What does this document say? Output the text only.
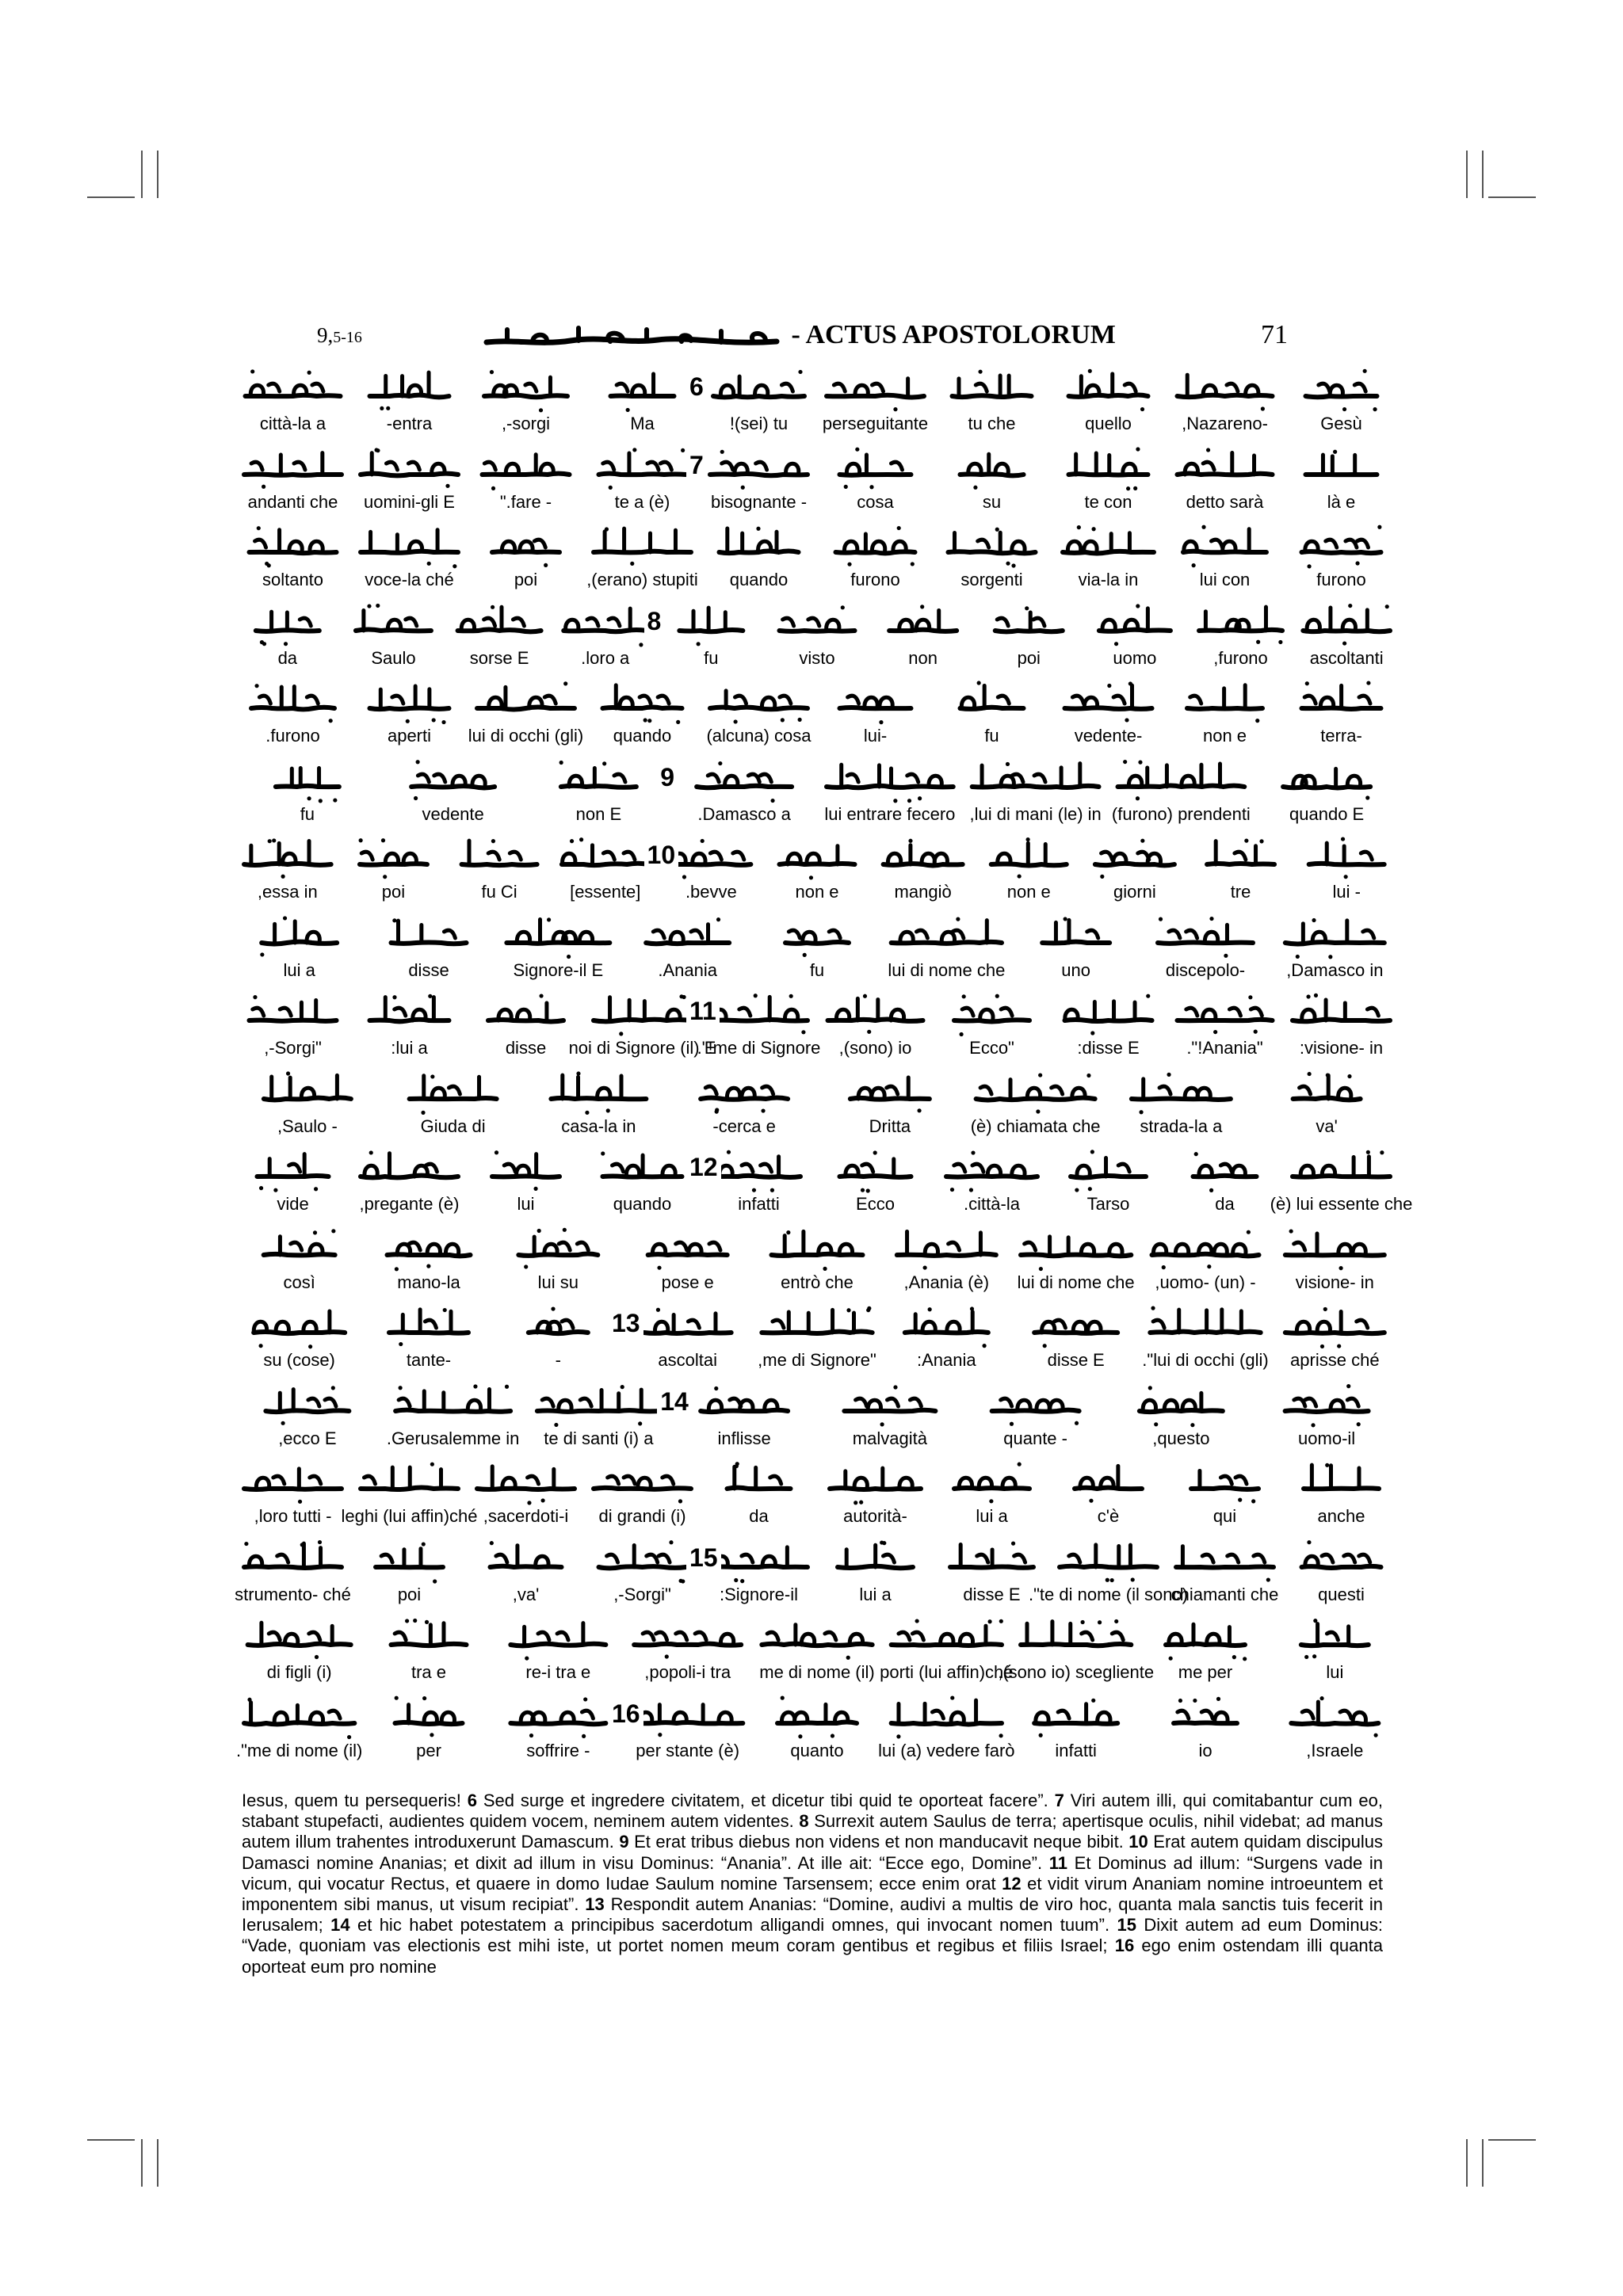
9,5-16	- ACTUS APOSTOLORUM	71
6
città-la a	-entra	,-sorgi	Ma	!(sei) tu perseguitante tu che	quello	,Nazareno-	Gesù
7
andanti che uomini-gli E	".fare -	te a (è) bisognante -	cosa	su	te con	detto sarà	là e
soltanto voce-la ché	poi	,(erano) stupiti quando	furono	sorgenti	via-la in	lui con	furono
8
da	Saulo	sorse E	.loro a	fu	visto	non	poi	uomo	,furono ascoltanti
.furono	aperti lui di occhi (gli) quando (alcuna) cosa	lui-	fu	vedente-	non e	terra-
9
fu	vedente	non E	.Damasco a lui entrare fecero ,lui di mani (le) in (furono) prendenti quando E
10
,essa in	poi	fu Ci	[essente]	.bevve	non e	mangiò	non e	giorni	tre	lui -
lui a	disse	Signore-il E	.Anania	fu	lui di nome che	uno	discepolo- ,Damasco in
11
,-Sorgi"	:lui a	disse noi di Signore (il) E
."!me di Signore ,(sono) io	Ecco"	:disse E	."!Anania" :visione- in
,Saulo -	Giuda di	casa-la in	-cerca e	Dritta	(è) chiamata che strada-la a	va'
12
vide	,pregante (è)	lui	quando	infatti	Ecco	.città-la	Tarso	da (è) lui essente che
così	mano-la	lui su	pose e	entrò che	,Anania (è) lui di nome che ,uomo- (un) - visione- in
13
su (cose)	tante-	-	ascoltai ,me di Signore" :Anania	disse E ."lui di occhi (gli) aprisse ché
14
,ecco E	.Gerusalemme in te di santi (i) a	inflisse	malvagità	quante -	,questo	uomo-il
,loro tutti - leghi (lui affin)ché ,sacerdoti-i di grandi (i)	da	autorità-	lui a	c'è	qui	anche
15
strumento- ché	poi	,va'	,-Sorgi"	:Signore-il	lui a	disse E ."te di nome (il sono)
chiamanti che questi
di figli (i)	tra e	re-i tra e	,popoli-i tra me di nome (il) porti (lui affin)ché
,(sono io) scegliente me per	lui
16
."me di nome (il)	per	soffrire -	per stante (è)	quanto lui (a) vedere farò infatti	io	,Israele
Iesus, quem tu persequeris! 6 Sed surge et ingredere civitatem, et dicetur tibi quid te oporteat facere”. 7 Viri autem illi, qui comitabantur cum eo, stabant stupefacti, audientes quidem vocem, neminem autem videntes. 8 Surrexit autem Saulus de terra; apertisque oculis, nihil videbat; ad manus autem illum trahentes introduxerunt Damascum. 9 Et erat tribus diebus non videns et non manducavit neque bibit. 10 Erat autem quidam discipulus Damasci nomine Ananias; et dixit ad illum in visu Dominus: “Anania”. At ille ait: “Ecce ego, Domine”. 11 Et Dominus ad illum: “Surgens vade in vicum, qui vocatur Rectus, et quaere in domo Iudae Saulum nomine Tarsensem; ecce enim orat 12 et vidit virum Ananiam nomine introeuntem et imponentem sibi manus, ut visum recipiat”. 13 Respondit autem Ananias: “Domine, audivi a multis de viro hoc, quanta mala sanctis tuis fecerit in Ierusalem; 14 et hic habet potestatem a principibus sacerdotum alligandi omnes, qui invocant nomen tuum”. 15 Dixit autem ad eum Dominus: “Vade, quoniam vas electionis est mihi iste, ut portet nomen meum coram gentibus et regibus et filiis Israel; 16 ego enim ostendam illi quanta oporteat eum pro nomine
